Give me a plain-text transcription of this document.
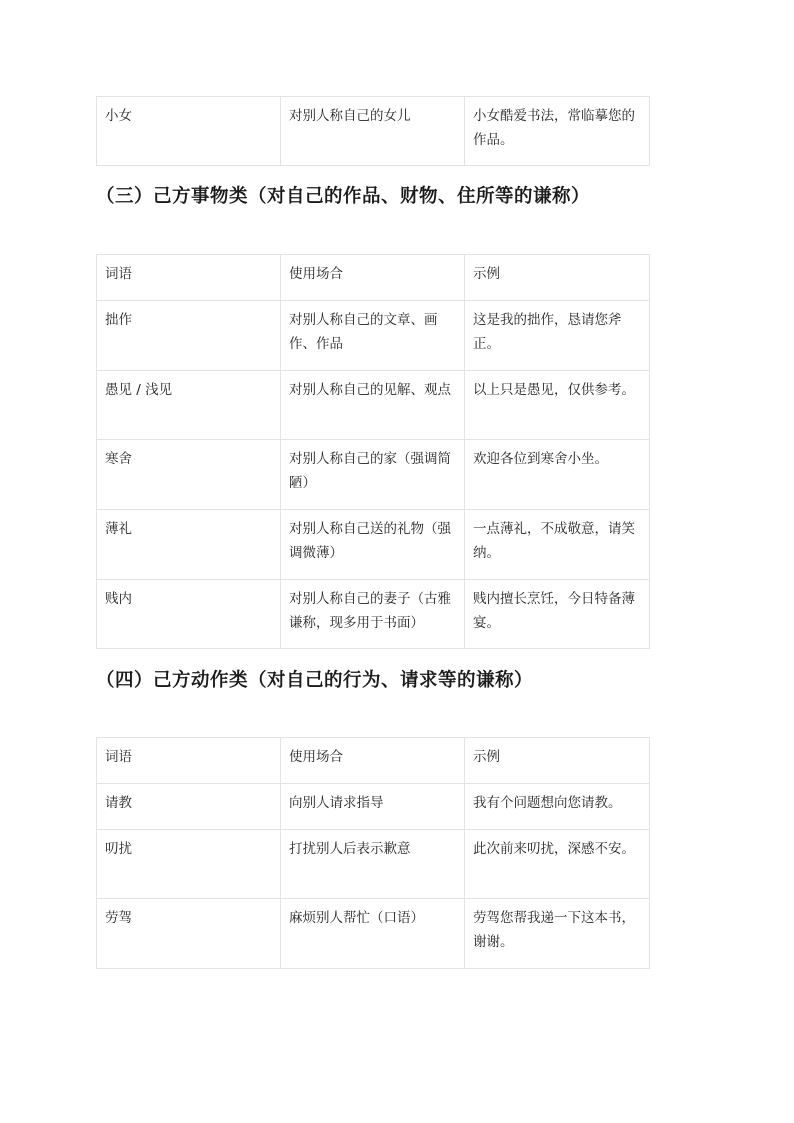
小女	对别人称自己的女儿	小女酷爱书法，常临摹您的作品。
（三）己方事物类（对自己的作品、财物、住所等的谦称）
词语	使用场合	示例
拙作	对别人称自己的文章、画作、作品	这是我的拙作，恳请您斧正。
愚见 / 浅见	对别人称自己的见解、观点	以上只是愚见，仅供参考。
寒舍	对别人称自己的家（强调简陋）	欢迎各位到寒舍小坐。
薄礼	对别人称自己送的礼物（强调微薄）	一点薄礼，不成敬意，请笑纳。
贱内	对别人称自己的妻子（古雅谦称，现多用于书面）	贱内擅长烹饪，今日特备薄宴。
（四）己方动作类（对自己的行为、请求等的谦称）
词语	使用场合	示例
请教	向别人请求指导	我有个问题想向您请教。
叨扰	打扰别人后表示歉意	此次前来叨扰，深感不安。
劳驾	麻烦别人帮忙（口语）	劳驾您帮我递一下这本书，谢谢。
